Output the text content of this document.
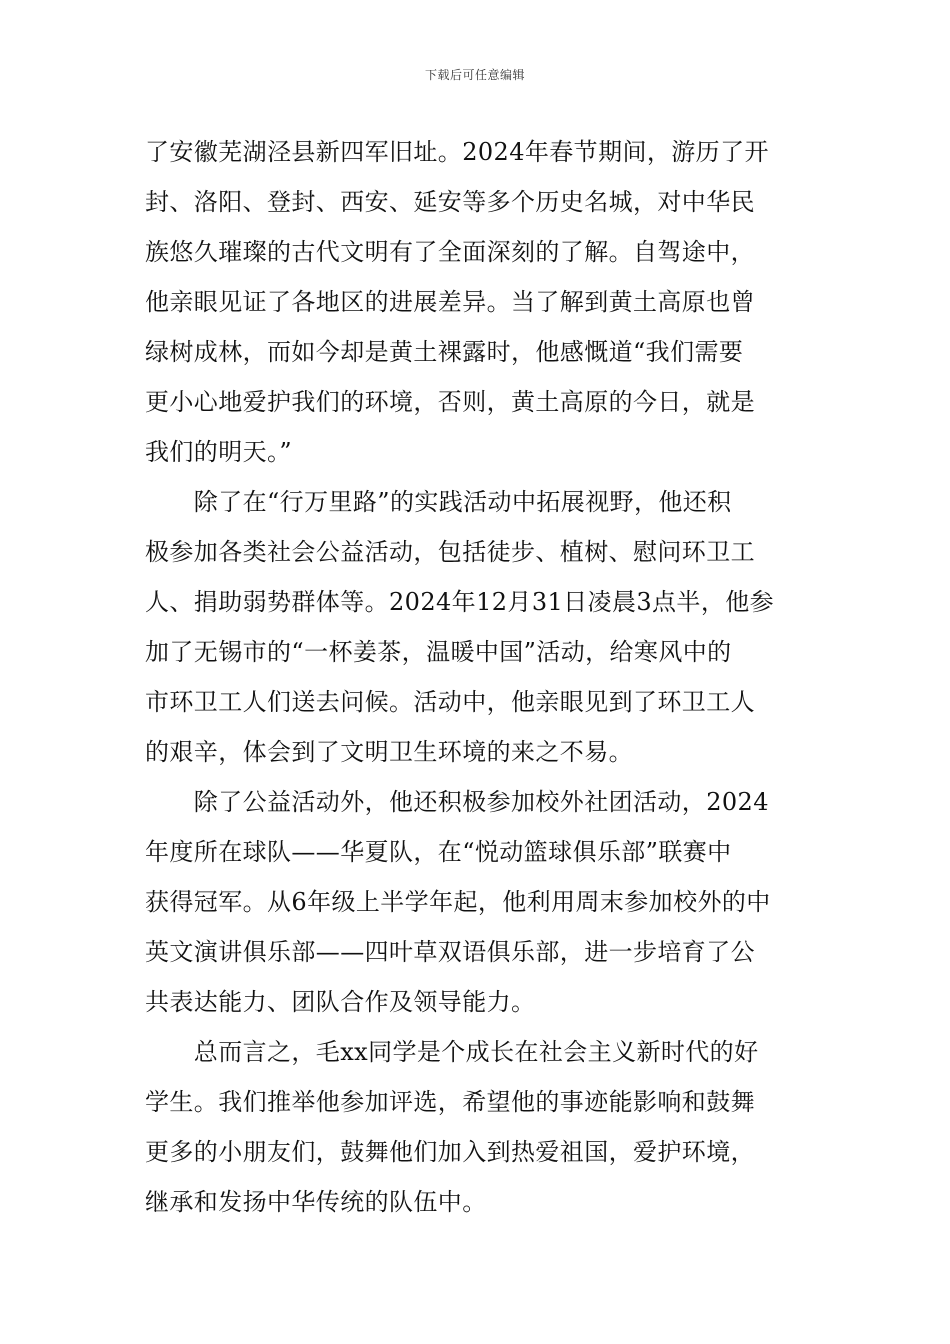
下载后可任意编辑
了安徽芜湖泾县新四军旧址。2024年春节期间，游历了开
封、洛阳、登封、西安、延安等多个历史名城，对中华民
族悠久璀璨的古代文明有了全面深刻的了解。自驾途中，
他亲眼见证了各地区的进展差异。当了解到黄土高原也曾
绿树成林，而如今却是黄土裸露时，他感慨道“我们需要
更小心地爱护我们的环境，否则，黄土高原的今日，就是
我们的明天。”
　　除了在“行万里路”的实践活动中拓展视野，他还积
极参加各类社会公益活动，包括徒步、植树、慰问环卫工
人、捐助弱势群体等。2024年12月31日凌晨3点半，他参
加了无锡市的“一杯姜茶，温暖中国”活动，给寒风中的
市环卫工人们送去问候。活动中，他亲眼见到了环卫工人
的艰辛，体会到了文明卫生环境的来之不易。
　　除了公益活动外，他还积极参加校外社团活动，2024
年度所在球队——华夏队，在“悦动篮球俱乐部”联赛中
获得冠军。从6年级上半学年起，他利用周末参加校外的中
英文演讲俱乐部——四叶草双语俱乐部，进一步培育了公
共表达能力、团队合作及领导能力。
　　总而言之，毛xx同学是个成长在社会主义新时代的好
学生。我们推举他参加评选，希望他的事迹能影响和鼓舞
更多的小朋友们，鼓舞他们加入到热爱祖国，爱护环境，
继承和发扬中华传统的队伍中。
